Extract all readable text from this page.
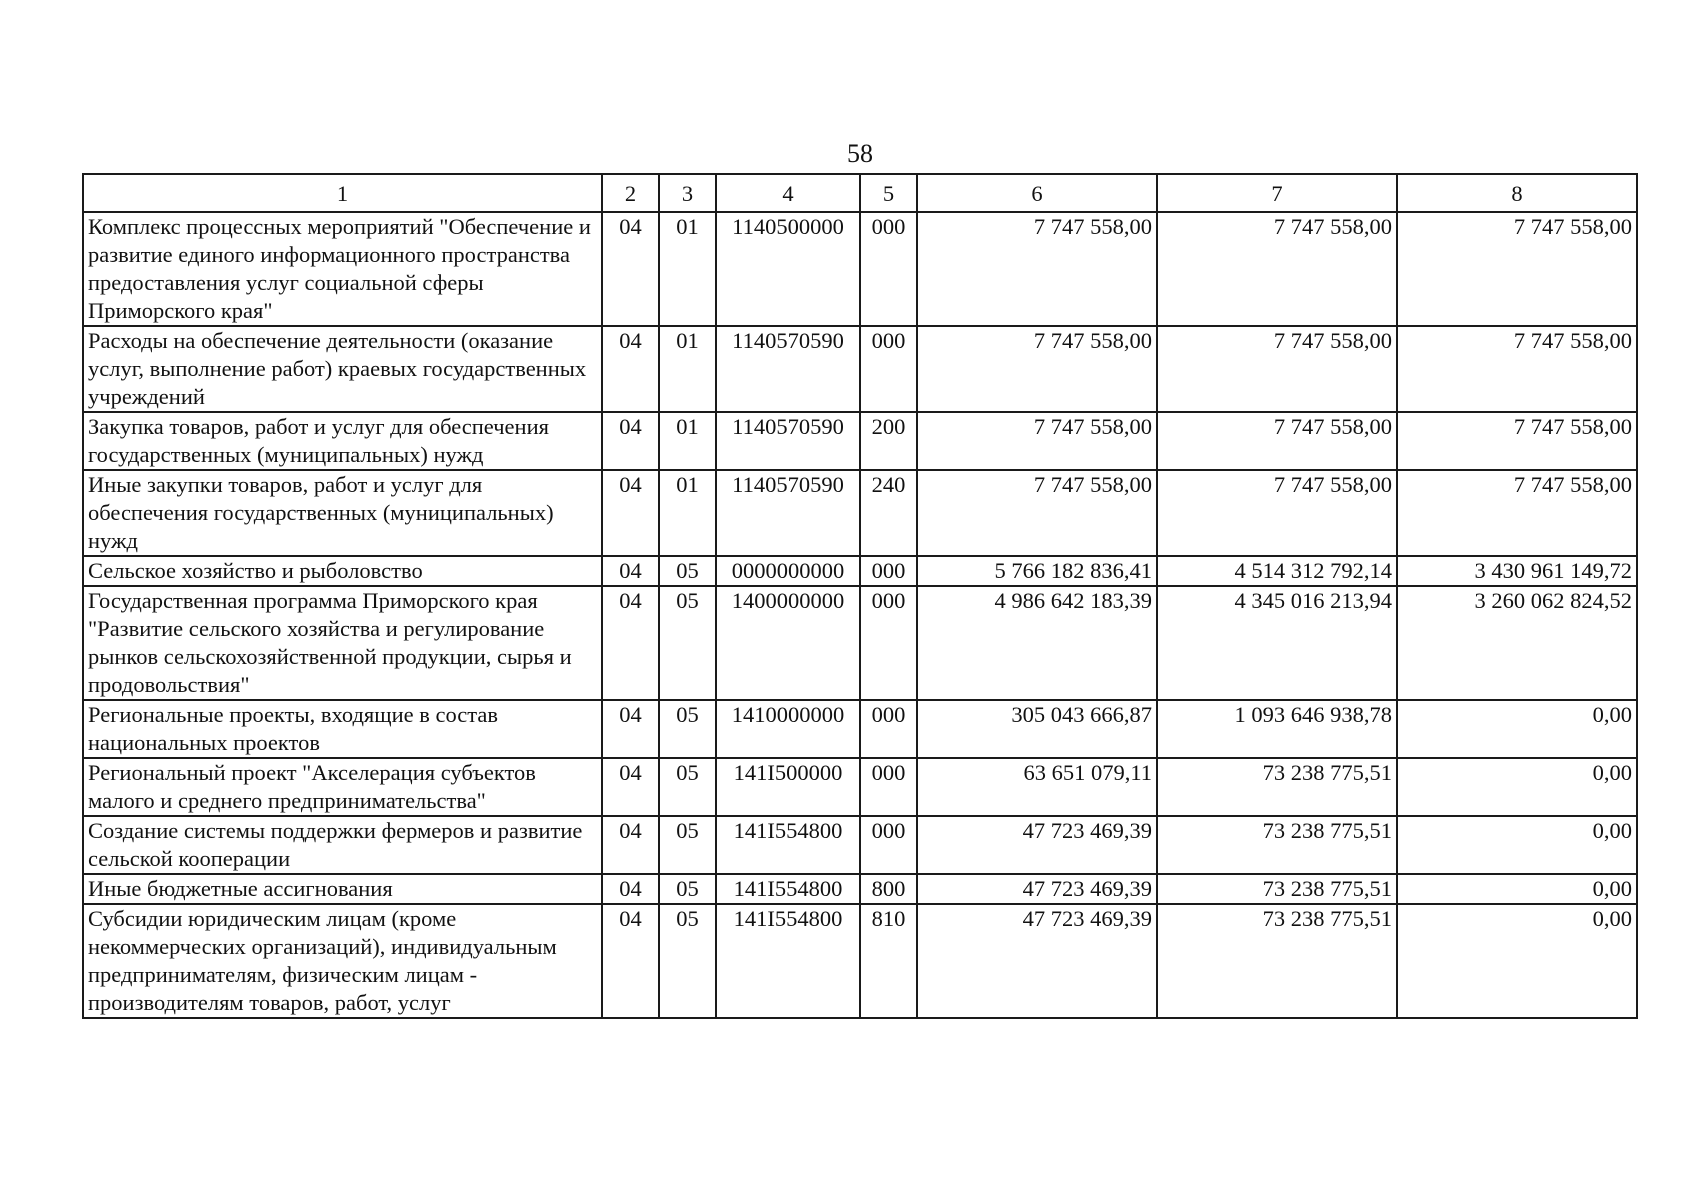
58
1	2	3	4	5	6	7	8
Комплекс процессных мероприятий "Обеспечение и развитие единого информационного пространства предоставления услуг социальной сферы Приморского края"	04	01	1140500000	000	7 747 558,00	7 747 558,00	7 747 558,00
Расходы на обеспечение деятельности (оказание услуг, выполнение работ) краевых государственных учреждений	04	01	1140570590	000	7 747 558,00	7 747 558,00	7 747 558,00
Закупка товаров, работ и услуг для обеспечения государственных (муниципальных) нужд	04	01	1140570590	200	7 747 558,00	7 747 558,00	7 747 558,00
Иные закупки товаров, работ и услуг для обеспечения государственных (муниципальных) нужд	04	01	1140570590	240	7 747 558,00	7 747 558,00	7 747 558,00
Сельское хозяйство и рыболовство	04	05	0000000000	000	5 766 182 836,41	4 514 312 792,14	3 430 961 149,72
Государственная программа Приморского края "Развитие сельского хозяйства и регулирование рынков сельскохозяйственной продукции, сырья и продовольствия"	04	05	1400000000	000	4 986 642 183,39	4 345 016 213,94	3 260 062 824,52
Региональные проекты, входящие в состав национальных проектов	04	05	1410000000	000	305 043 666,87	1 093 646 938,78	0,00
Региональный проект "Акселерация субъектов малого и среднего предпринимательства"	04	05	141I500000	000	63 651 079,11	73 238 775,51	0,00
Создание системы поддержки фермеров и развитие сельской кооперации	04	05	141I554800	000	47 723 469,39	73 238 775,51	0,00
Иные бюджетные ассигнования	04	05	141I554800	800	47 723 469,39	73 238 775,51	0,00
Субсидии юридическим лицам (кроме некоммерческих организаций), индивидуальным предпринимателям, физическим лицам - производителям товаров, работ, услуг	04	05	141I554800	810	47 723 469,39	73 238 775,51	0,00
